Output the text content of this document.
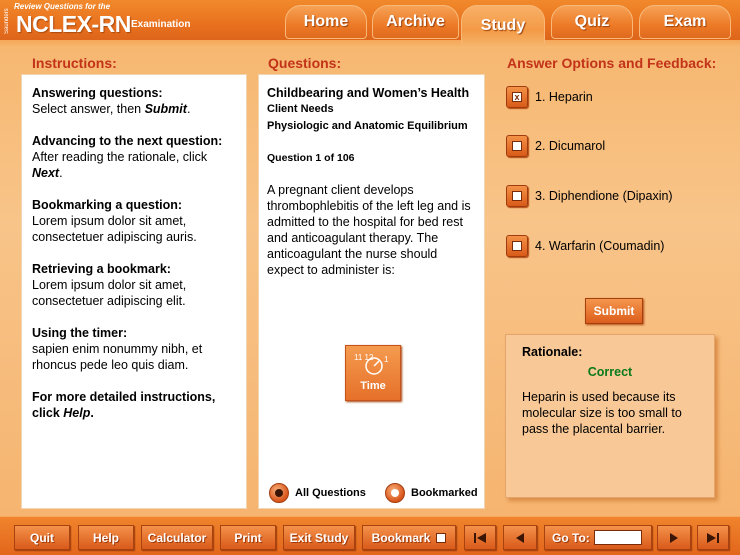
Saunders
Review Questions for the
NCLEX-RN Examination	Home	Archive	Study	Quiz	Exam
Instructions:	Questions:	Answer Options and Feedback:
Answering questions:
Select answer, then Submit.
Advancing to the next question:
After reading the rationale, click Next.
Bookmarking a question:
Lorem ipsum dolor sit amet, consectetuer adipiscing auris.
Retrieving a bookmark:
Lorem ipsum dolor sit amet, consectetuer adipiscing elit.
Using the timer:
sapien enim nonummy nibh, et rhoncus pede leo quis diam.
For more detailed instructions, click Help.
Childbearing and Women’s Health
Client Needs
Physiologic and Anatomic Equilibrium
Question 1 of 106
A pregnant client develops thrombophlebitis of the left leg and is admitted to the hospital for bed rest and anticoagulant therapy. The anticoagulant the nurse should expect to administer is:
11 12 1
Time
All Questions	Bookmarked
x 1. Heparin
2. Dicumarol
3. Diphendione (Dipaxin)
4. Warfarin (Coumadin)
Submit
Rationale:
Correct
Heparin is used because its molecular size is too small to pass the placental barrier.
Quit	Help	Calculator	Print	Exit Study	Bookmark	Go To:
